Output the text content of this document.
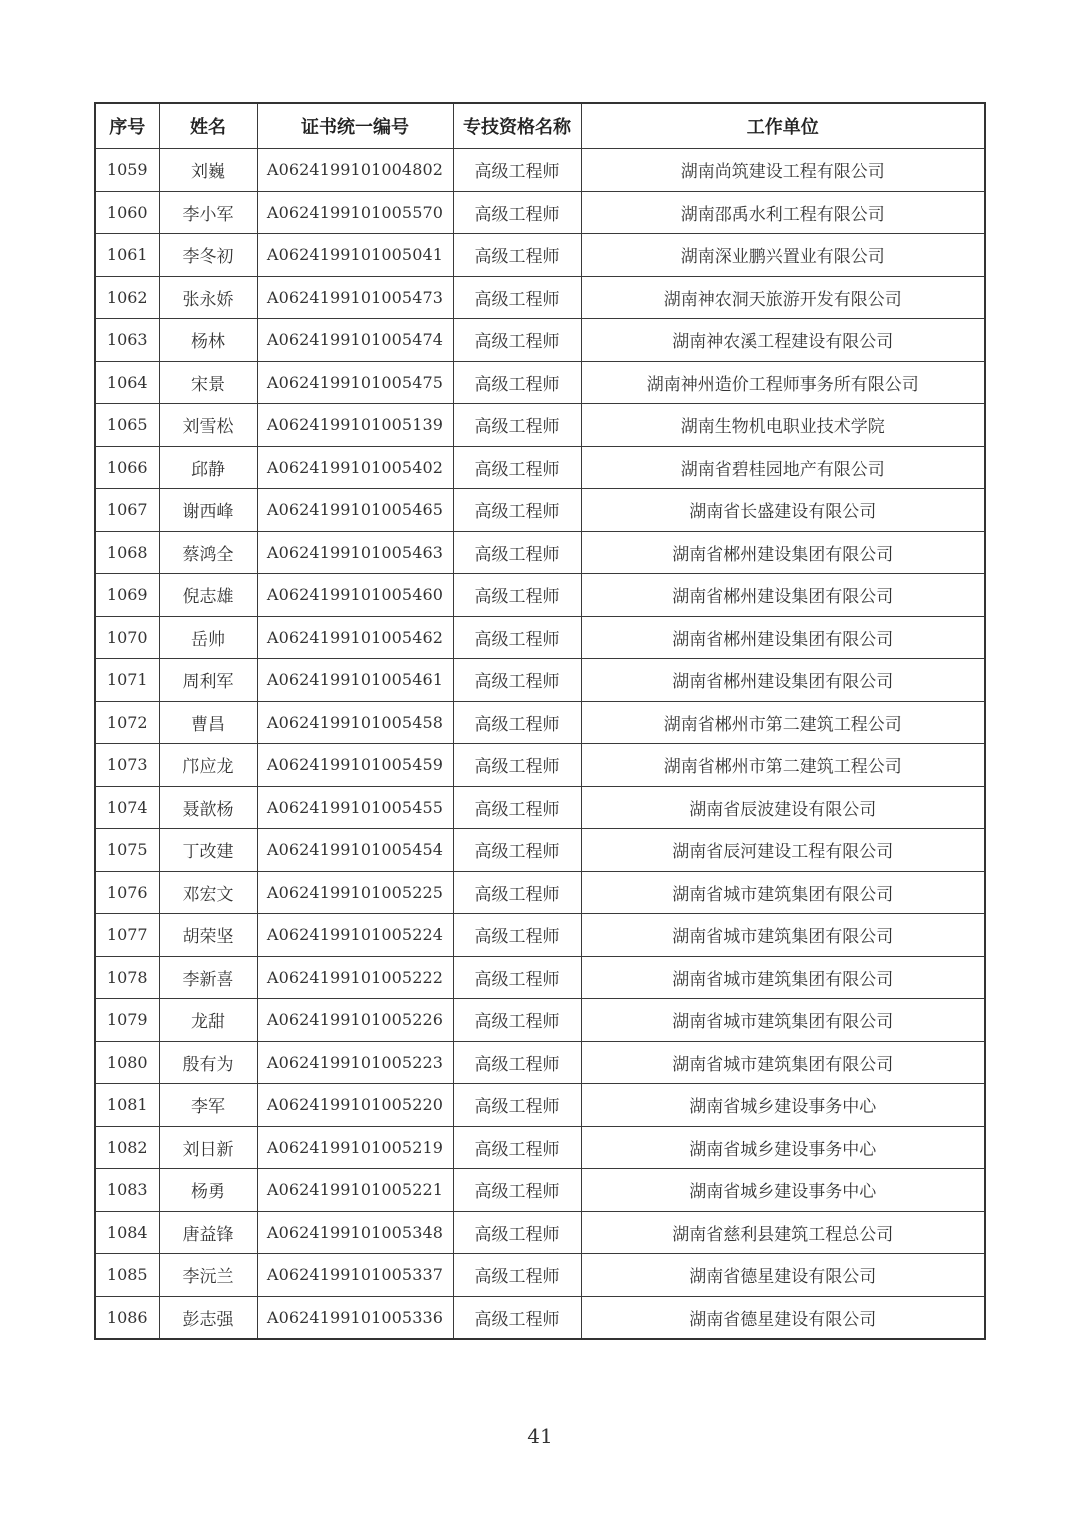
序号	姓名	证书统一编号	专技资格名称	工作单位
1059	刘巍	A0624199101004802	高级工程师	湖南尚筑建设工程有限公司
1060	李小军	A0624199101005570	高级工程师	湖南邵禹水利工程有限公司
1061	李冬初	A0624199101005041	高级工程师	湖南深业鹏兴置业有限公司
1062	张永娇	A0624199101005473	高级工程师	湖南神农洞天旅游开发有限公司
1063	杨林	A0624199101005474	高级工程师	湖南神农溪工程建设有限公司
1064	宋景	A0624199101005475	高级工程师	湖南神州造价工程师事务所有限公司
1065	刘雪松	A0624199101005139	高级工程师	湖南生物机电职业技术学院
1066	邱静	A0624199101005402	高级工程师	湖南省碧桂园地产有限公司
1067	谢西峰	A0624199101005465	高级工程师	湖南省长盛建设有限公司
1068	蔡鸿全	A0624199101005463	高级工程师	湖南省郴州建设集团有限公司
1069	倪志雄	A0624199101005460	高级工程师	湖南省郴州建设集团有限公司
1070	岳帅	A0624199101005462	高级工程师	湖南省郴州建设集团有限公司
1071	周利军	A0624199101005461	高级工程师	湖南省郴州建设集团有限公司
1072	曹昌	A0624199101005458	高级工程师	湖南省郴州市第二建筑工程公司
1073	邝应龙	A0624199101005459	高级工程师	湖南省郴州市第二建筑工程公司
1074	聂歆杨	A0624199101005455	高级工程师	湖南省辰波建设有限公司
1075	丁改建	A0624199101005454	高级工程师	湖南省辰河建设工程有限公司
1076	邓宏文	A0624199101005225	高级工程师	湖南省城市建筑集团有限公司
1077	胡荣坚	A0624199101005224	高级工程师	湖南省城市建筑集团有限公司
1078	李新喜	A0624199101005222	高级工程师	湖南省城市建筑集团有限公司
1079	龙甜	A0624199101005226	高级工程师	湖南省城市建筑集团有限公司
1080	殷有为	A0624199101005223	高级工程师	湖南省城市建筑集团有限公司
1081	李军	A0624199101005220	高级工程师	湖南省城乡建设事务中心
1082	刘日新	A0624199101005219	高级工程师	湖南省城乡建设事务中心
1083	杨勇	A0624199101005221	高级工程师	湖南省城乡建设事务中心
1084	唐益锋	A0624199101005348	高级工程师	湖南省慈利县建筑工程总公司
1085	李沅兰	A0624199101005337	高级工程师	湖南省德星建设有限公司
1086	彭志强	A0624199101005336	高级工程师	湖南省德星建设有限公司
41
